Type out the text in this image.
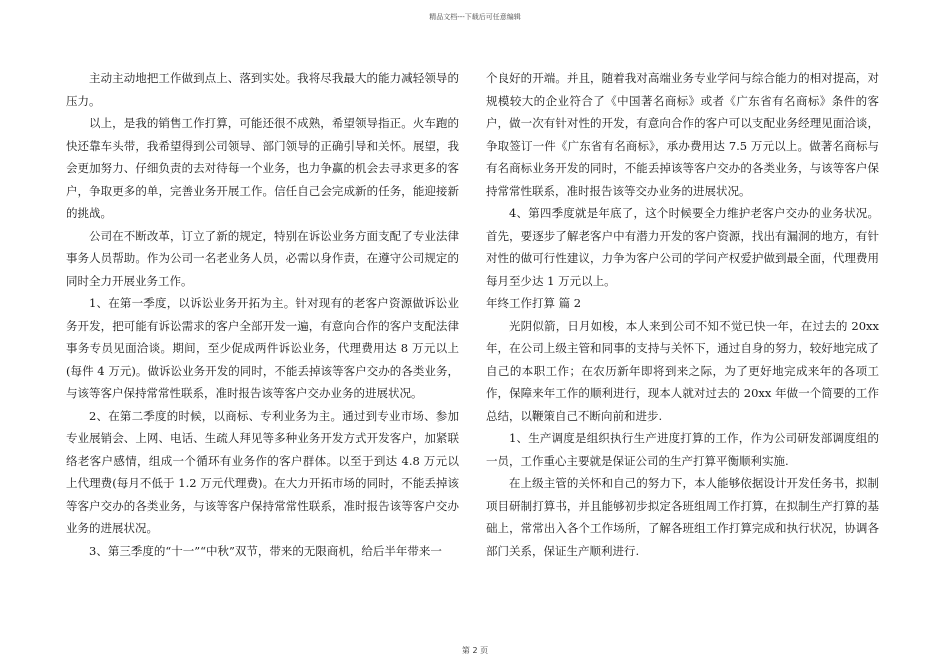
精品文档---下载后可任意编辑

主动主动地把工作做到点上、落到实处。我将尽我最大的能力减轻领导的压力。

以上，是我的销售工作打算，可能还很不成熟，希望领导指正。火车跑的快还靠车头带，我希望得到公司领导、部门领导的正确引导和关怀。展望，我会更加努力、仔细负责的去对待每一个业务，也力争赢的机会去寻求更多的客户，争取更多的单，完善业务开展工作。信任自己会完成新的任务，能迎接新的挑战。

公司在不断改革，订立了新的规定，特别在诉讼业务方面支配了专业法律事务人员帮助。作为公司一名老业务人员，必需以身作责，在遵守公司规定的同时全力开展业务工作。

1、在第一季度，以诉讼业务开拓为主。针对现有的老客户资源做诉讼业务开发，把可能有诉讼需求的客户全部开发一遍，有意向合作的客户支配法律事务专员见面洽谈。期间，至少促成两件诉讼业务，代理费用达 8 万元以上(每件 4 万元)。做诉讼业务开发的同时，不能丢掉该等客户交办的各类业务，与该等客户保持常常性联系，准时报告该等客户交办业务的进展状况。

2、在第二季度的时候，以商标、专利业务为主。通过到专业市场、参加专业展销会、上网、电话、生疏人拜见等多种业务开发方式开发客户，加紧联络老客户感情，组成一个循环有业务作的客户群体。以至于到达 4.8 万元以上代理费(每月不低于 1.2 万元代理费)。在大力开拓市场的同时，不能丢掉该等客户交办的各类业务，与该等客户保持常常性联系，准时报告该等客户交办业务的进展状况。

3、第三季度的“十一”“中秋”双节，带来的无限商机，给后半年带来一

个良好的开端。并且，随着我对高端业务专业学问与综合能力的相对提高，对规模较大的企业符合了《中国著名商标》或者《广东省有名商标》条件的客户，做一次有针对性的开发，有意向合作的客户可以支配业务经理见面洽谈，争取签订一件《广东省有名商标》，承办费用达 7.5 万元以上。做著名商标与有名商标业务开发的同时，不能丢掉该等客户交办的各类业务，与该等客户保持常常性联系，准时报告该等交办业务的进展状况。

4、第四季度就是年底了，这个时候要全力维护老客户交办的业务状况。首先，要逐步了解老客户中有潜力开发的客户资源，找出有漏洞的地方，有针对性的做可行性建议，力争为客户公司的学问产权爱护做到最全面，代理费用每月至少达 1 万元以上。

年终工作打算 篇 2

光阴似箭，日月如梭，本人来到公司不知不觉已快一年，在过去的 20xx 年，在公司上级主管和同事的支持与关怀下，通过自身的努力，较好地完成了自己的本职工作；在农历新年即将到来之际，为了更好地完成来年的各项工作，保障来年工作的顺利进行，现本人就对过去的 20xx 年做一个简要的工作总结，以鞭策自己不断向前和进步.

1、生产调度是组织执行生产进度打算的工作，作为公司研发部调度组的一员，工作重心主要就是保证公司的生产打算平衡顺利实施.

在上级主管的关怀和自己的努力下，本人能够依据设计开发任务书，拟制项目研制打算书，并且能够初步拟定各班组周工作打算，在拟制生产打算的基础上，常常出入各个工作场所，了解各班组工作打算完成和执行状况，协调各部门关系，保证生产顺利进行.

第 2 页
